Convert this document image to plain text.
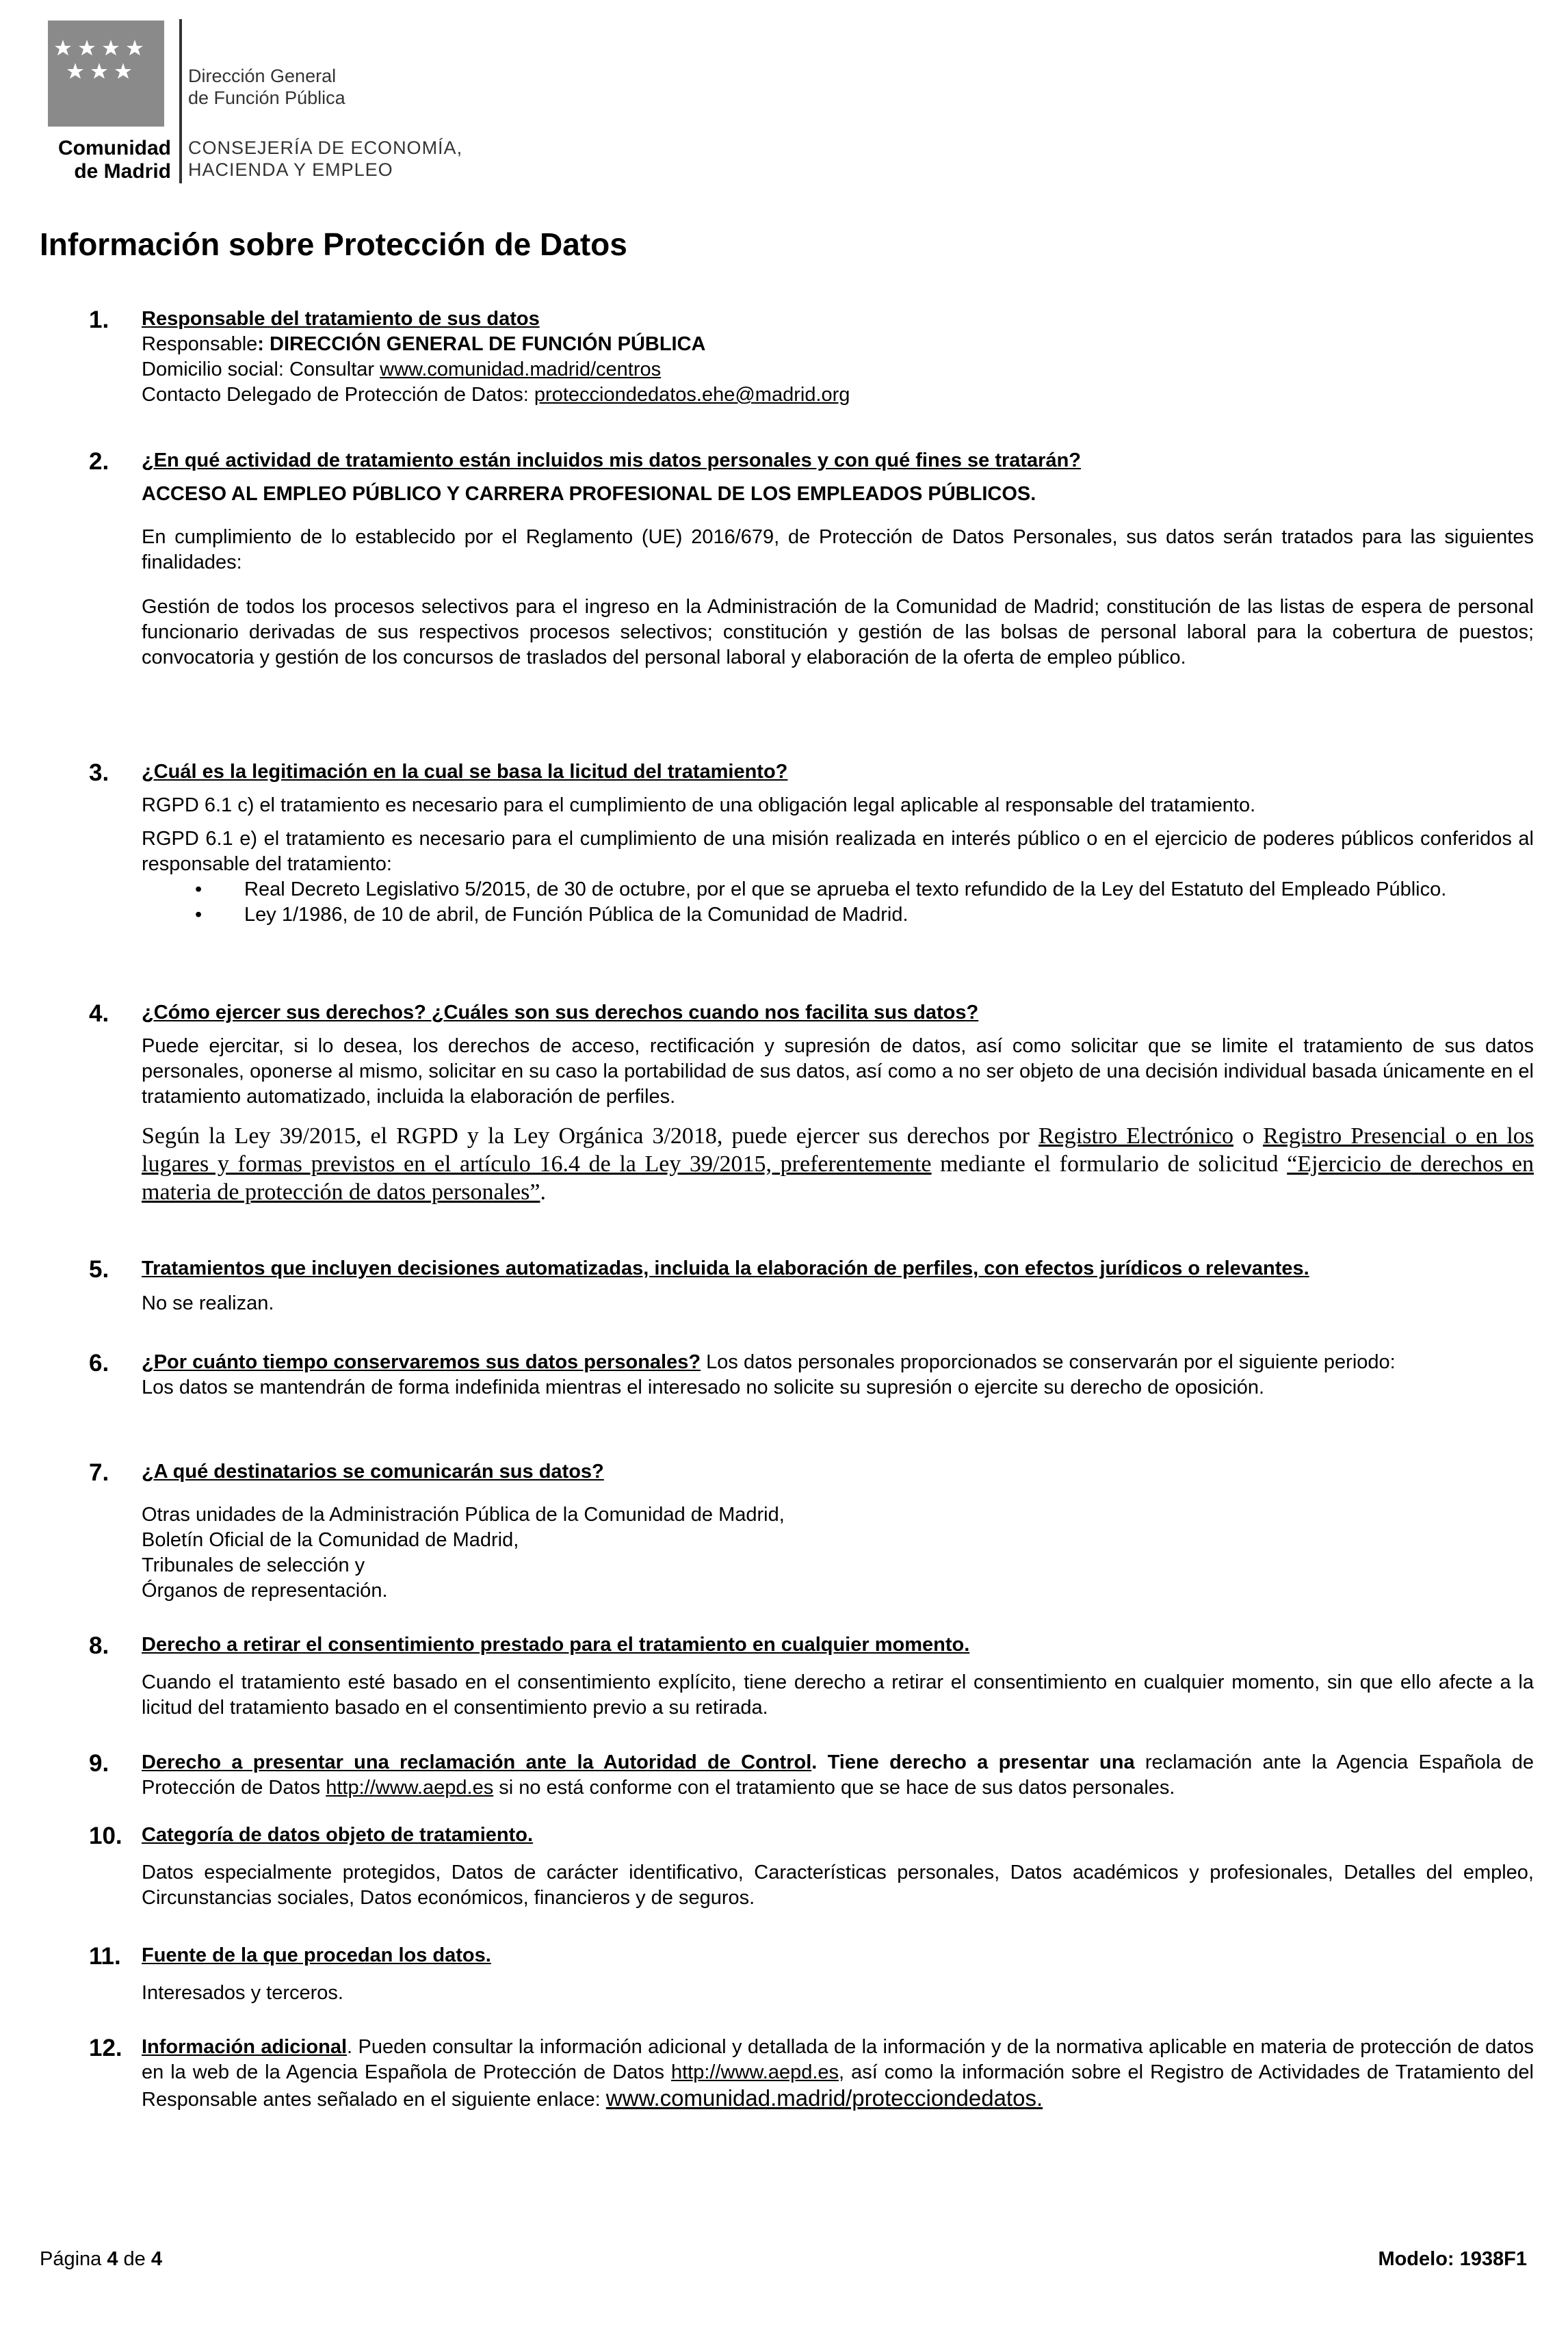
Comunidad
de Madrid
Dirección General
de Función Pública
CONSEJERÍA DE ECONOMÍA,
HACIENDA Y EMPLEO
Información sobre Protección de Datos
1. Responsable del tratamiento de sus datos

Responsable: DIRECCIÓN GENERAL DE FUNCIÓN PÚBLICA

Domicilio social: Consultar www.comunidad.madrid/centros

Contacto Delegado de Protección de Datos: protecciondedatos.ehe@madrid.org

2. ¿En qué actividad de tratamiento están incluidos mis datos personales y con qué fines se tratarán?

ACCESO AL EMPLEO PÚBLICO Y CARRERA PROFESIONAL DE LOS EMPLEADOS PÚBLICOS.

En cumplimiento de lo establecido por el Reglamento (UE) 2016/679, de Protección de Datos Personales, sus datos serán tratados para las siguientes finalidades:

Gestión de todos los procesos selectivos para el ingreso en la Administración de la Comunidad de Madrid; constitución de las listas de espera de personal funcionario derivadas de sus respectivos procesos selectivos; constitución y gestión de las bolsas de personal laboral para la cobertura de puestos; convocatoria y gestión de los concursos de traslados del personal laboral y elaboración de la oferta de empleo público.

3. ¿Cuál es la legitimación en la cual se basa la licitud del tratamiento?

RGPD 6.1 c) el tratamiento es necesario para el cumplimiento de una obligación legal aplicable al responsable del tratamiento.

RGPD 6.1 e) el tratamiento es necesario para el cumplimiento de una misión realizada en interés público o en el ejercicio de poderes públicos conferidos al responsable del tratamiento:

• Real Decreto Legislativo 5/2015, de 30 de octubre, por el que se aprueba el texto refundido de la Ley del Estatuto del Empleado Público.

• Ley 1/1986, de 10 de abril, de Función Pública de la Comunidad de Madrid.

4. ¿Cómo ejercer sus derechos? ¿Cuáles son sus derechos cuando nos facilita sus datos?

Puede ejercitar, si lo desea, los derechos de acceso, rectificación y supresión de datos, así como solicitar que se limite el tratamiento de sus datos personales, oponerse al mismo, solicitar en su caso la portabilidad de sus datos, así como a no ser objeto de una decisión individual basada únicamente en el tratamiento automatizado, incluida la elaboración de perfiles.

Según la Ley 39/2015, el RGPD y la Ley Orgánica 3/2018, puede ejercer sus derechos por Registro Electrónico o Registro Presencial o en los lugares y formas previstos en el artículo 16.4 de la Ley 39/2015, preferentemente mediante el formulario de solicitud “Ejercicio de derechos en materia de protección de datos personales”.

5. Tratamientos que incluyen decisiones automatizadas, incluida la elaboración de perfiles, con efectos jurídicos o relevantes.

No se realizan.

6. ¿Por cuánto tiempo conservaremos sus datos personales? Los datos personales proporcionados se conservarán por el siguiente periodo:

Los datos se mantendrán de forma indefinida mientras el interesado no solicite su supresión o ejercite su derecho de oposición.

7. ¿A qué destinatarios se comunicarán sus datos?

Otras unidades de la Administración Pública de la Comunidad de Madrid,

Boletín Oficial de la Comunidad de Madrid,

Tribunales de selección y

Órganos de representación.

8. Derecho a retirar el consentimiento prestado para el tratamiento en cualquier momento.

Cuando el tratamiento esté basado en el consentimiento explícito, tiene derecho a retirar el consentimiento en cualquier momento, sin que ello afecte a la licitud del tratamiento basado en el consentimiento previo a su retirada.

9. Derecho a presentar una reclamación ante la Autoridad de Control. Tiene derecho a presentar una reclamación ante la Agencia Española de Protección de Datos http://www.aepd.es si no está conforme con el tratamiento que se hace de sus datos personales.

10. Categoría de datos objeto de tratamiento.

Datos especialmente protegidos, Datos de carácter identificativo, Características personales, Datos académicos y profesionales, Detalles del empleo, Circunstancias sociales, Datos económicos, financieros y de seguros.

11. Fuente de la que procedan los datos.

Interesados y terceros.

12. Información adicional. Pueden consultar la información adicional y detallada de la información y de la normativa aplicable en materia de protección de datos en la web de la Agencia Española de Protección de Datos http://www.aepd.es, así como la información sobre el Registro de Actividades de Tratamiento del Responsable antes señalado en el siguiente enlace: www.comunidad.madrid/protecciondedatos.

Página 4 de 4	Modelo: 1938F1
